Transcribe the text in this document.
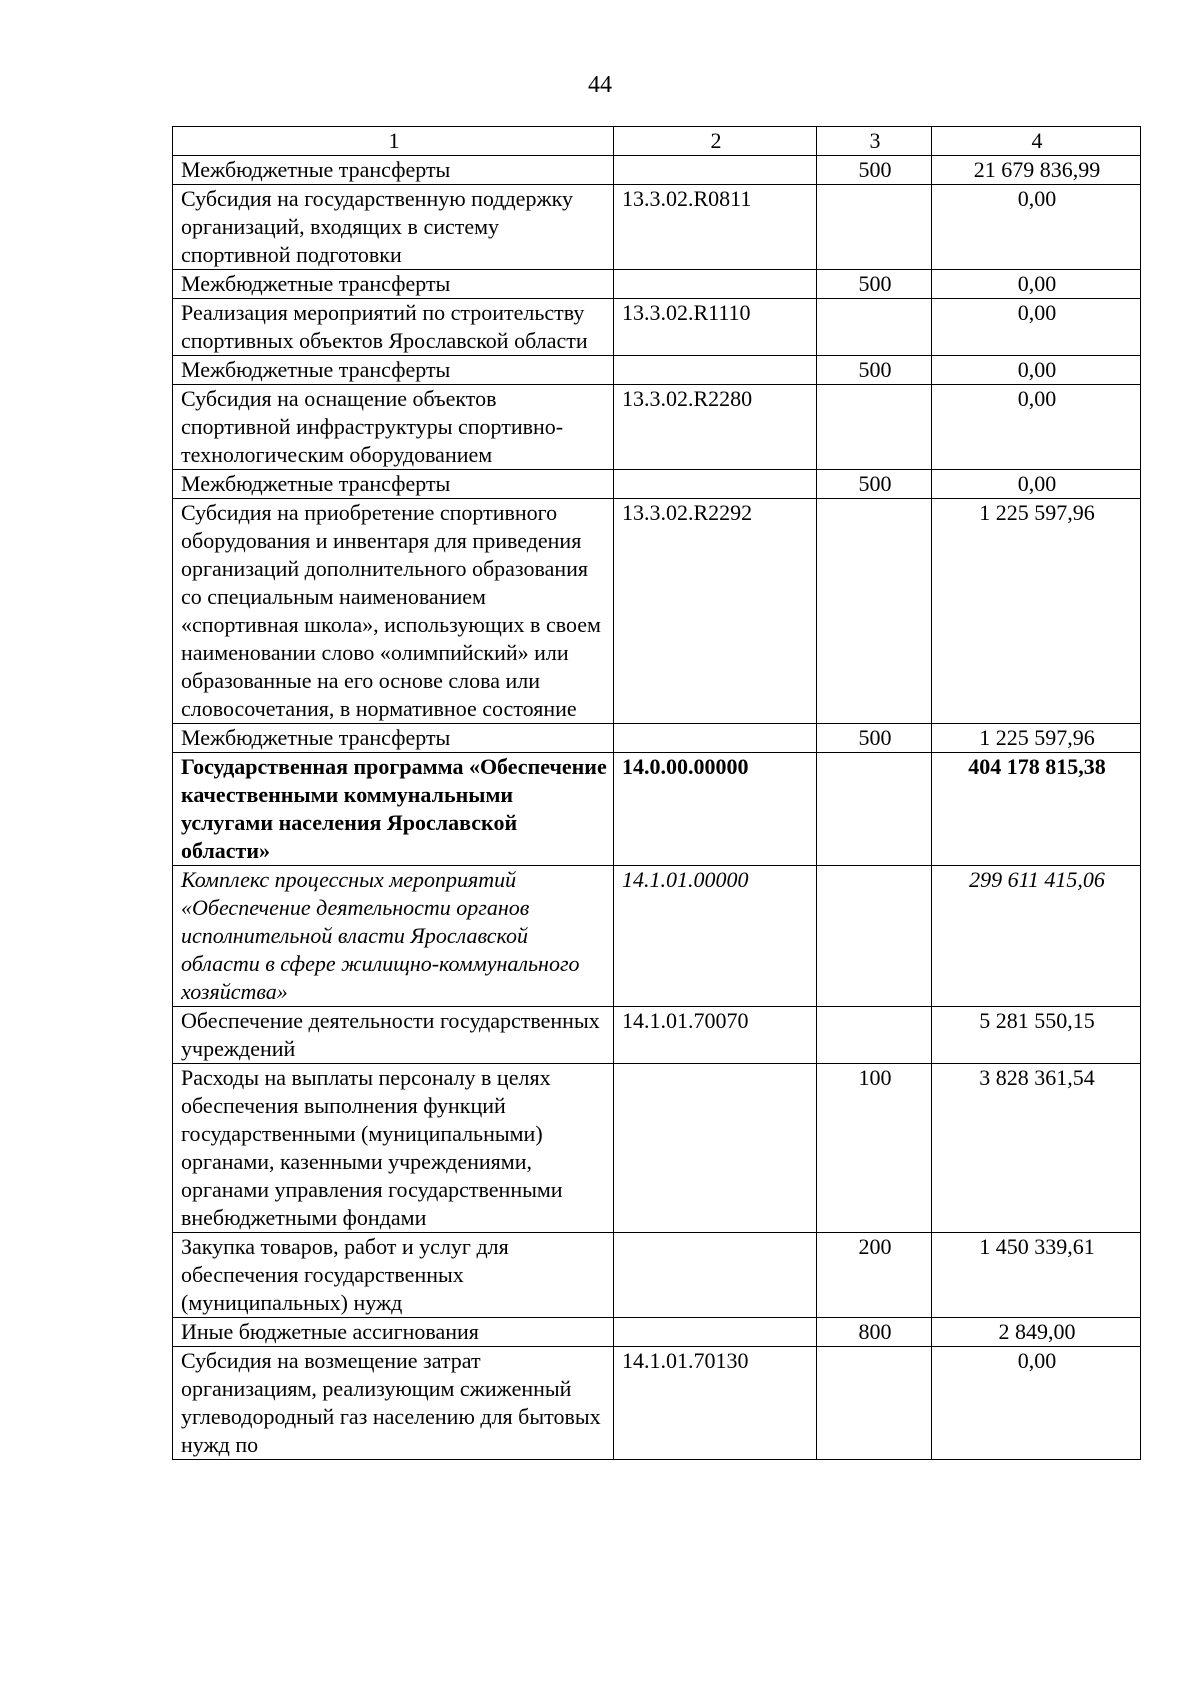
44
1	2	3	4
Межбюджетные трансферты		500	21 679 836,99
Субсидия на государственную поддержку организаций, входящих в систему спортивной подготовки	13.3.02.R0811		0,00
Межбюджетные трансферты		500	0,00
Реализация мероприятий по строительству спортивных объектов Ярославской области	13.3.02.R1110		0,00
Межбюджетные трансферты		500	0,00
Субсидия на оснащение объектов спортивной инфраструктуры спортивно-технологическим оборудованием	13.3.02.R2280		0,00
Межбюджетные трансферты		500	0,00
Субсидия на приобретение спортивного оборудования и инвентаря для приведения организаций дополнительного образования со специальным наименованием «спортивная школа», использующих в своем наименовании слово «олимпийский» или образованные на его основе слова или словосочетания, в нормативное состояние	13.3.02.R2292		1 225 597,96
Межбюджетные трансферты		500	1 225 597,96
Государственная программа «Обеспечение качественными коммунальными услугами населения Ярославской области»	14.0.00.00000		404 178 815,38
Комплекс процессных мероприятий «Обеспечение деятельности органов исполнительной власти Ярославской области в сфере жилищно-коммунального хозяйства»	14.1.01.00000		299 611 415,06
Обеспечение деятельности государственных учреждений	14.1.01.70070		5 281 550,15
Расходы на выплаты персоналу в целях обеспечения выполнения функций государственными (муниципальными) органами, казенными учреждениями, органами управления государственными внебюджетными фондами		100	3 828 361,54
Закупка товаров, работ и услуг для обеспечения государственных (муниципальных) нужд		200	1 450 339,61
Иные бюджетные ассигнования		800	2 849,00
Субсидия на возмещение затрат организациям, реализующим сжиженный углеводородный газ населению для бытовых нужд по	14.1.01.70130		0,00
